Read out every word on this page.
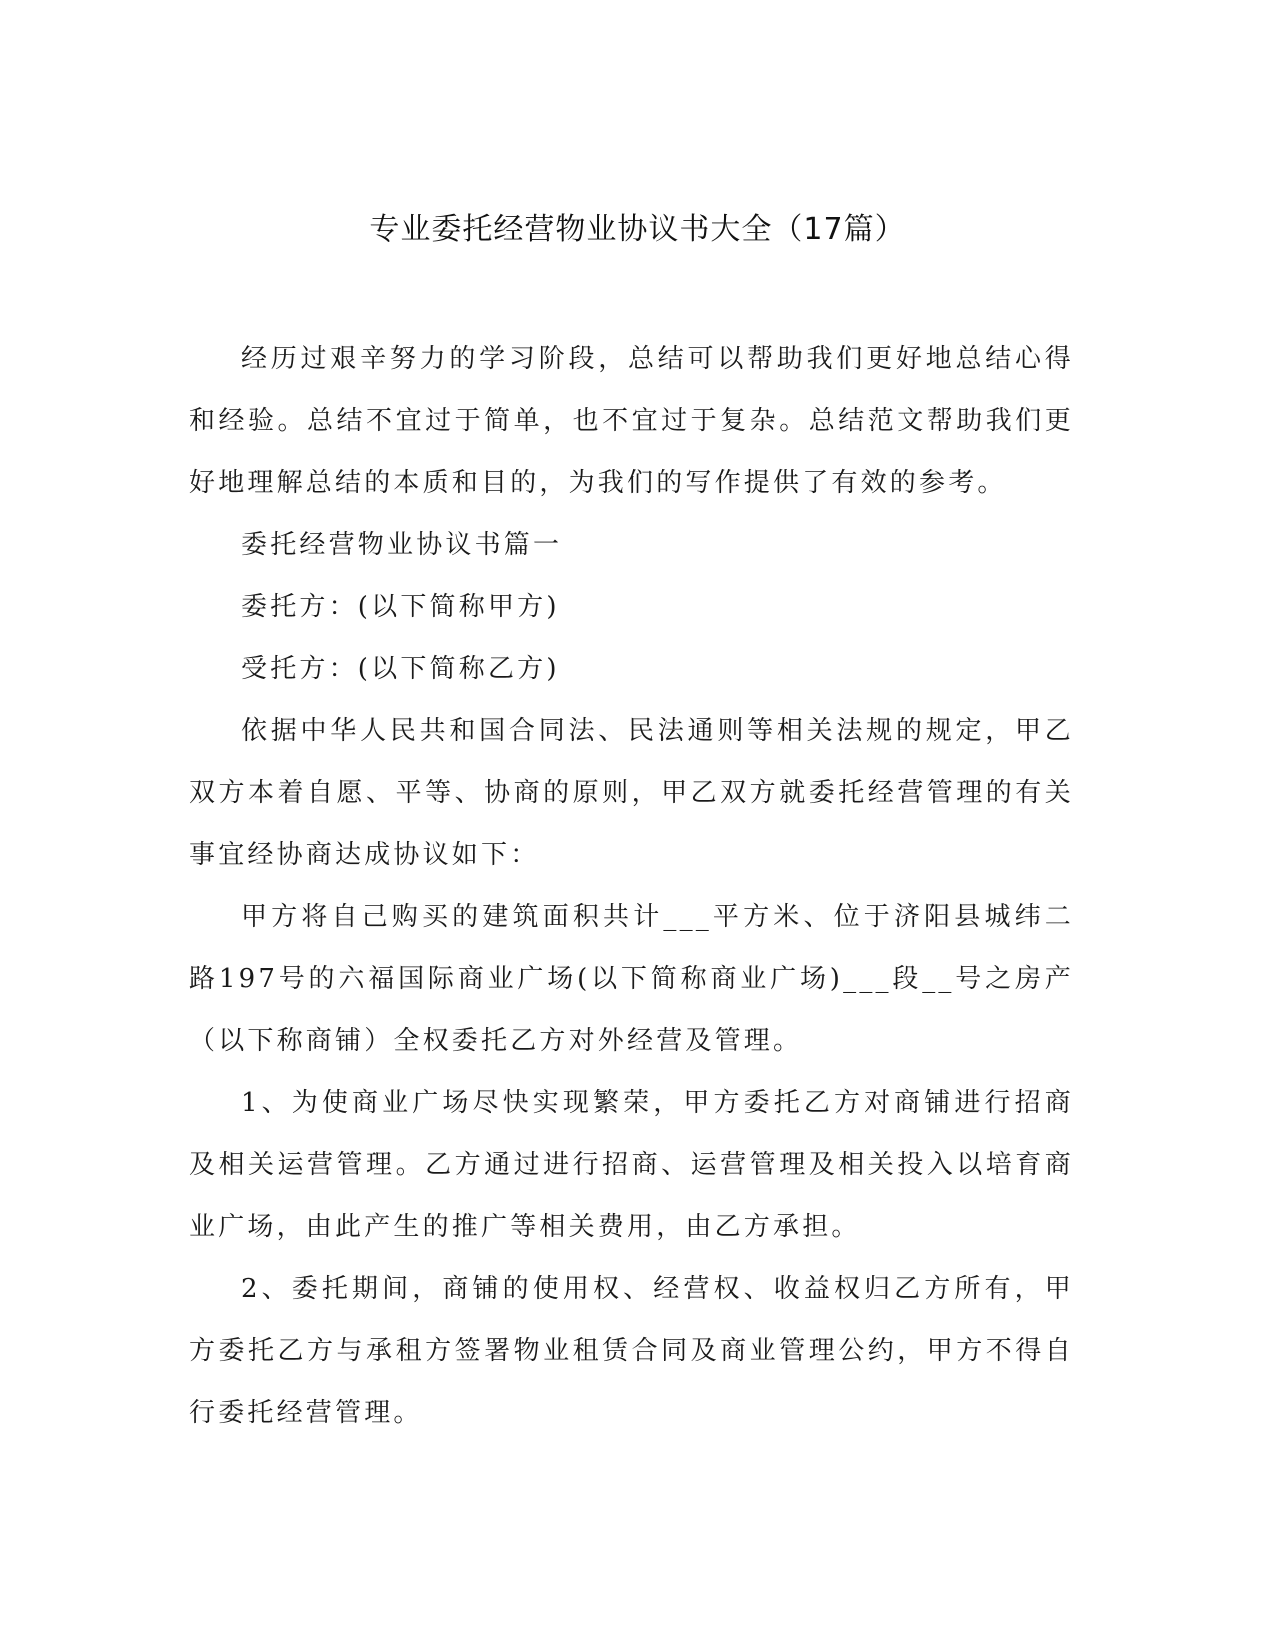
专业委托经营物业协议书大全（17篇）

经历过艰辛努力的学习阶段，总结可以帮助我们更好地总结心得和经验。总结不宜过于简单，也不宜过于复杂。总结范文帮助我们更好地理解总结的本质和目的，为我们的写作提供了有效的参考。

委托经营物业协议书篇一

委托方：(以下简称甲方)

受托方：(以下简称乙方)

依据中华人民共和国合同法、民法通则等相关法规的规定，甲乙双方本着自愿、平等、协商的原则，甲乙双方就委托经营管理的有关事宜经协商达成协议如下：

甲方将自己购买的建筑面积共计___平方米、位于济阳县城纬二路197号的六福国际商业广场(以下简称商业广场)___段__号之房产（以下称商铺）全权委托乙方对外经营及管理。

1、为使商业广场尽快实现繁荣，甲方委托乙方对商铺进行招商及相关运营管理。乙方通过进行招商、运营管理及相关投入以培育商业广场，由此产生的推广等相关费用，由乙方承担。

2、委托期间，商铺的使用权、经营权、收益权归乙方所有，甲方委托乙方与承租方签署物业租赁合同及商业管理公约，甲方不得自行委托经营管理。
